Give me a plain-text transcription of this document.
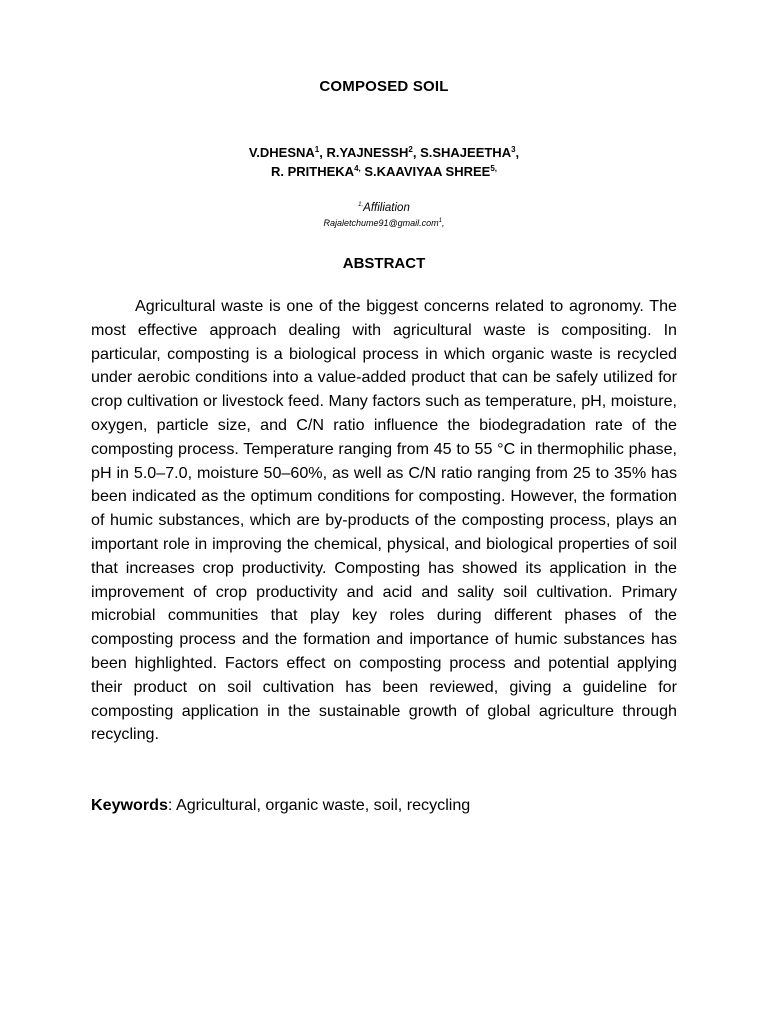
COMPOSED SOIL
V.DHESNA$^1$, R.YAJNESSH$^2$, S.SHAJEETHA$^3$,
R. $PRITHEKA^{4,}$ S.KAAVIYAA $SHREE^{5,}$
$^{1,}$Affiliation
Rajaletchume91@gmail.com$^1$,
ABSTRACT

Agricultural waste is one of the biggest concerns related to agronomy. The most effective approach dealing with agricultural waste is compositing. In particular, composting is a biological process in which organic waste is recycled under aerobic conditions into a value-added product that can be safely utilized for crop cultivation or livestock feed. Many factors such as temperature, pH, moisture, oxygen, particle size, and C/N ratio influence the biodegradation rate of the composting process. Temperature ranging from 45 to 55 °C in thermophilic phase, pH in 5.0–7.0, moisture 50–60%, as well as C/N ratio ranging from 25 to 35% has been indicated as the optimum conditions for composting. However, the formation of humic substances, which are by-products of the composting process, plays an important role in improving the chemical, physical, and biological properties of soil that increases crop productivity. Composting has showed its application in the improvement of crop productivity and acid and sality soil cultivation. Primary microbial communities that play key roles during different phases of the composting process and the formation and importance of humic substances has been highlighted. Factors effect on composting process and potential applying their product on soil cultivation has been reviewed, giving a guideline for composting application in the sustainable growth of global agriculture through recycling.

Keywords: Agricultural, organic waste, soil, recycling
